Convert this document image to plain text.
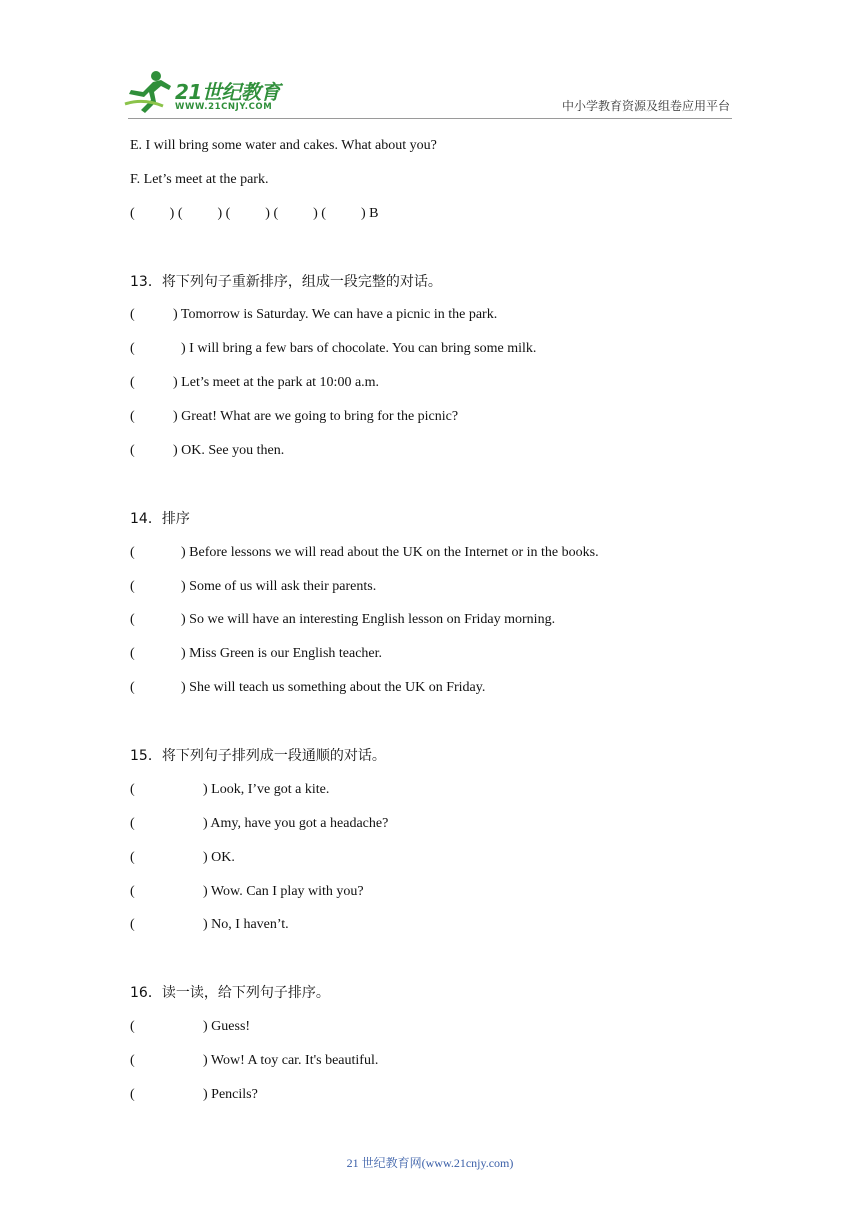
21世纪教育
WWW.21CNJY.COM	中小学教育资源及组卷应用平台
E. I will bring some water and cakes. What about you?
F. Let’s meet at the park.
(          ) (          ) (          ) (          ) (          ) B
13．将下列句子重新排序，组成一段完整的对话。
(	) Tomorrow is Saturday. We can have a picnic in the park.
(	) I will bring a few bars of chocolate. You can bring some milk.
(	) Let’s meet at the park at 10:00 a.m.
(	) Great! What are we going to bring for the picnic?
(	) OK. See you then.
14．排序
(	) Before lessons we will read about the UK on the Internet or in the books.
(	) Some of us will ask their parents.
(	) So we will have an interesting English lesson on Friday morning.
(	) Miss Green is our English teacher.
(	) She will teach us something about the UK on Friday.
15．将下列句子排列成一段通顺的对话。
(	) Look, I’ve got a kite.
(	) Amy, have you got a headache?
(	) OK.
(	) Wow. Can I play with you?
(	) No, I haven’t.
16．读一读，给下列句子排序。
(	) Guess!
(	) Wow! A toy car. It's beautiful.
(	) Pencils?
21 世纪教育网(www.21cnjy.com)
